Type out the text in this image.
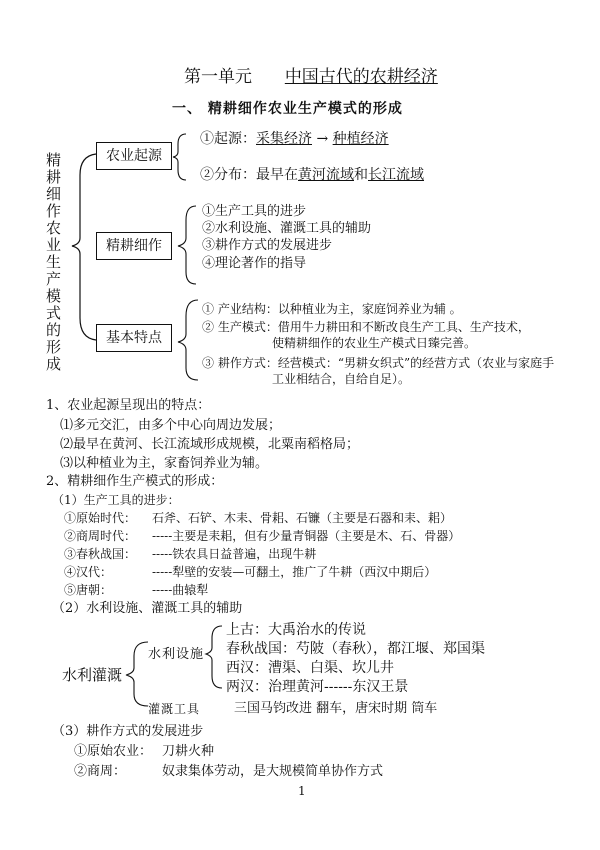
第一单元 中国古代的农耕经济
一、 精耕细作农业生产模式的形成
精耕细作农业生产模式的形成
农业起源
精耕细作
基本特点
①起源：采集经济 → 种植经济
②分布：最早在黄河流域和长江流域
①生产工具的进步
②水利设施、灌溉工具的辅助
③耕作方式的发展进步
④理论著作的指导
① 产业结构：以种植业为主，家庭饲养业为辅 。
② 生产模式：借用牛力耕田和不断改良生产工具、生产技术，
使精耕细作的农业生产模式日臻完善。
③ 耕作方式：经营模式：“男耕女织式”的经营方式（农业与家庭手
工业相结合，自给自足）。
1、农业起源呈现出的特点：
⑴多元交汇，由多个中心向周边发展；
⑵最早在黄河、长江流域形成规模，北粟南稻格局；
⑶以种植业为主，家畜饲养业为辅。
2、精耕细作生产模式的形成：
（1）生产工具的进步：
①原始时代： 石斧、石铲、木耒、骨耜、石镰（主要是石器和耒、耜）
②商周时代： -----主要是耒耜，但有少量青铜器（主要是木、石、骨器）
③春秋战国： -----铁农具日益普遍，出现牛耕
④汉代：	-----犁壁的安装—可翻土，推广了牛耕（西汉中期后）
⑤唐朝：	-----曲辕犁
（2）水利设施、灌溉工具的辅助
水利灌溉
水利设施
上古：大禹治水的传说
春秋战国：芍陂（春秋），都江堰、郑国渠
西汉：漕渠、白渠、坎儿井
两汉：治理黄河------东汉王景
灌溉工具	三国马钧改进 翻车，唐宋时期 筒车
（3）耕作方式的发展进步
①原始农业： 刀耕火种
②商周：	奴隶集体劳动，是大规模简单协作方式
1
